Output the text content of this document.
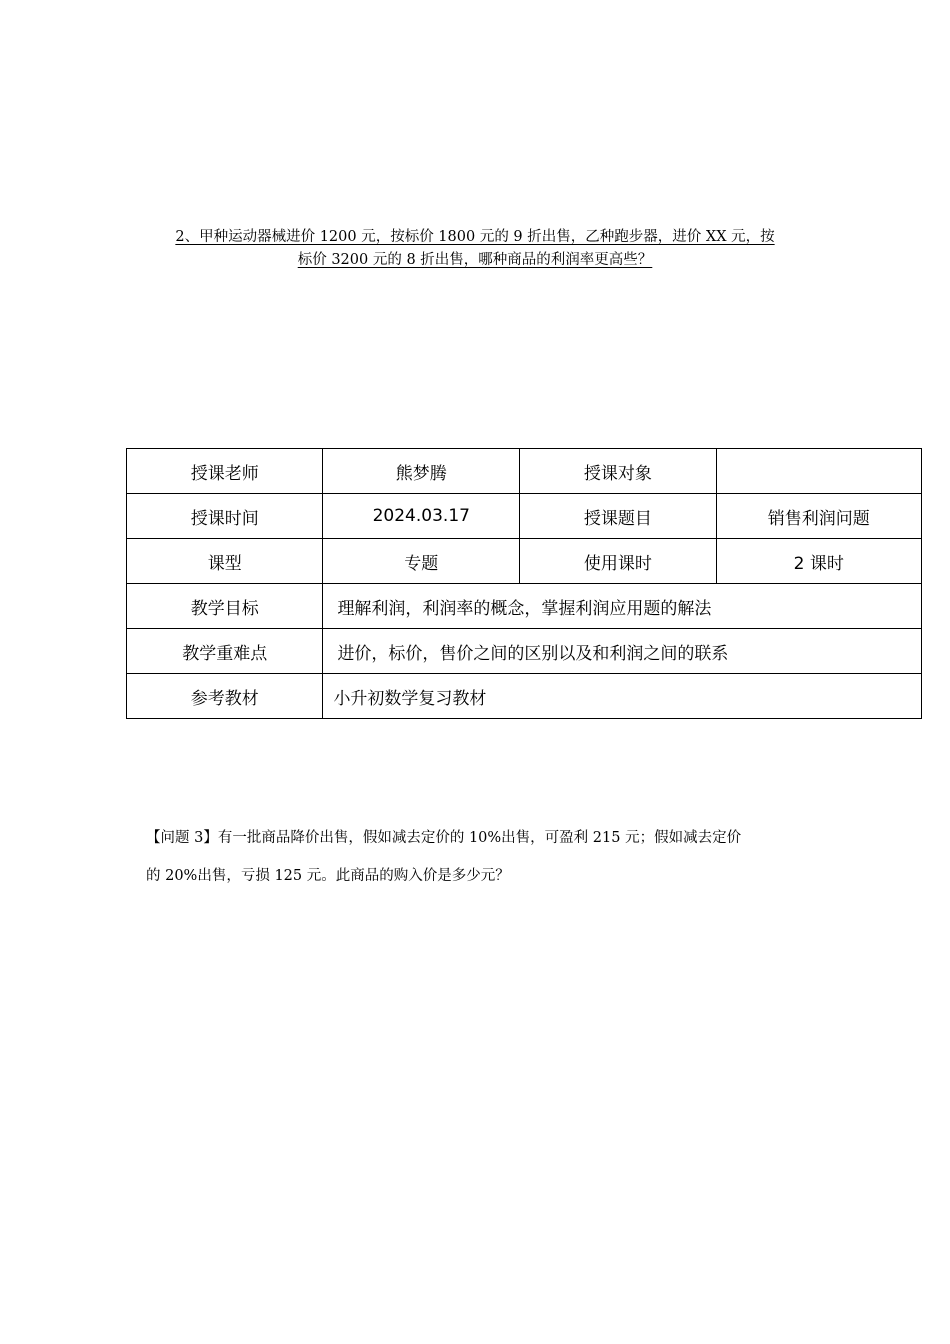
2、甲种运动器械进价 1200 元，按标价 1800 元的 9 折出售，乙种跑步器，进价 XX 元，按
标价 3200 元的 8 折出售，哪种商品的利润率更高些？
授课老师	熊梦腾	授课对象	
授课时间	2024.03.17	授课题目	销售利润问题
课型	专题	使用课时	2 课时
教学目标	理解利润，利润率的概念，掌握利润应用题的解法		
教学重难点	进价，标价，售价之间的区别以及和利润之间的联系		
参考教材	小升初数学复习教材		
【问题 3】有一批商品降价出售，假如减去定价的 10%出售，可盈利 215 元；假如减去定价
的 20%出售，亏损 125 元。此商品的购入价是多少元？
